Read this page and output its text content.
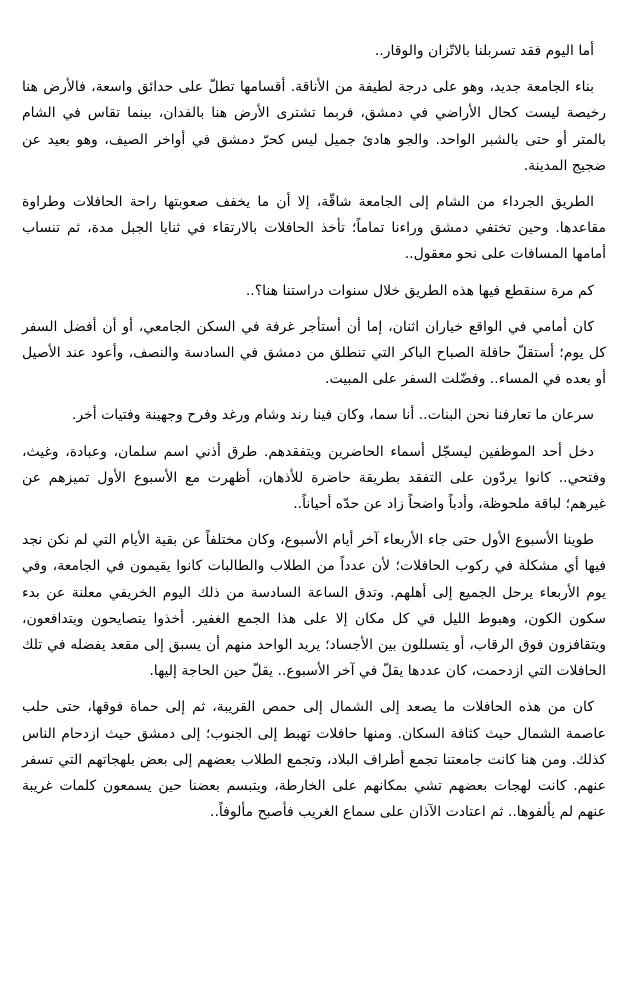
أما اليوم فقد تسربلنا بالاتّزان والوقار..

بناء الجامعة جديد، وهو على درجة لطيفة من الأناقة. أقسامها تطلّ على حدائق واسعة، فالأرض هنا رخيصة ليست كحال الأراضي في دمشق، فربما تشترى الأرض هنا بالفدان، بينما تقاس في الشام بالمتر أو حتى بالشبر الواحد. والجو هادئ جميل ليس كحرّ دمشق في أواخر الصيف، وهو بعيد عن ضجيج المدينة.

الطريق الجرداء من الشام إلى الجامعة شاقّة، إلا أن ما يخفف صعوبتها راحة الحافلات وطراوة مقاعدها. وحين تختفي دمشق وراءنا تماماً؛ تأخذ الحافلات بالارتقاء في ثنايا الجبل مدة، ثم تنساب أمامها المسافات على نحو معقول..

كم مرة سنقطع فيها هذه الطريق خلال سنوات دراستنا هنا؟..

كان أمامي في الواقع خياران اثنان، إما أن أستأجر غرفة في السكن الجامعي، أو أن أفضل السفر كل يوم؛ أستقلّ حافلة الصباح الباكر التي تنطلق من دمشق في السادسة والنصف، وأعود عند الأصيل أو بعده في المساء.. وفضّلت السفر على المبيت.

سرعان ما تعارفنا نحن البنات.. أنا سما، وكان فينا رند وشام ورغد وفرح وجهينة وفتيات أخر.

دخل أحد الموظفين ليسجّل أسماء الحاضرين ويتفقدهم. طرق أذني اسم سلمان، وعبادة، وغيث، وفتحي.. كانوا يردّون على التفقد بطريقة حاضرة للأذهان، أظهرت مع الأسبوع الأول تميزهم عن غيرهم؛ لباقة ملحوظة، وأدباً واضحاً زاد عن حدّه أحياناً..

طوينا الأسبوع الأول حتى جاء الأربعاء آخر أيام الأسبوع، وكان مختلفاً عن بقية الأيام التي لم نكن نجد فيها أي مشكلة في ركوب الحافلات؛ لأن عدداً من الطلاب والطالبات كانوا يقيمون في الجامعة، وفي يوم الأربعاء يرحل الجميع إلى أهلهم. وتدق الساعة السادسة من ذلك اليوم الخريفي معلنة عن بدء سكون الكون، وهبوط الليل في كل مكان إلا على هذا الجمع الغفير. أخذوا يتصايحون ويتدافعون، ويتقافزون فوق الرقاب، أو يتسللون بين الأجساد؛ يريد الواحد منهم أن يسبق إلى مقعد يفضله في تلك الحافلات التي ازدحمت، كان عددها يقلّ في آخر الأسبوع.. يقلّ حين الحاجة إليها.

كان من هذه الحافلات ما يصعد إلى الشمال إلى حمص القريبة، ثم إلى حماة فوقها، حتى حلب عاصمة الشمال حيث كثافة السكان. ومنها حافلات تهبط إلى الجنوب؛ إلى دمشق حيث ازدحام الناس كذلك. ومن هنا كانت جامعتنا تجمع أطراف البلاد، وتجمع الطلاب بعضهم إلى بعض بلهجاتهم التي تسفر عنهم. كانت لهجات بعضهم تشي بمكانهم على الخارطة، ويتبسم بعضنا حين يسمعون كلمات غريبة عنهم لم يألفوها.. ثم اعتادت الآذان على سماع الغريب فأصبح مألوفاً..
